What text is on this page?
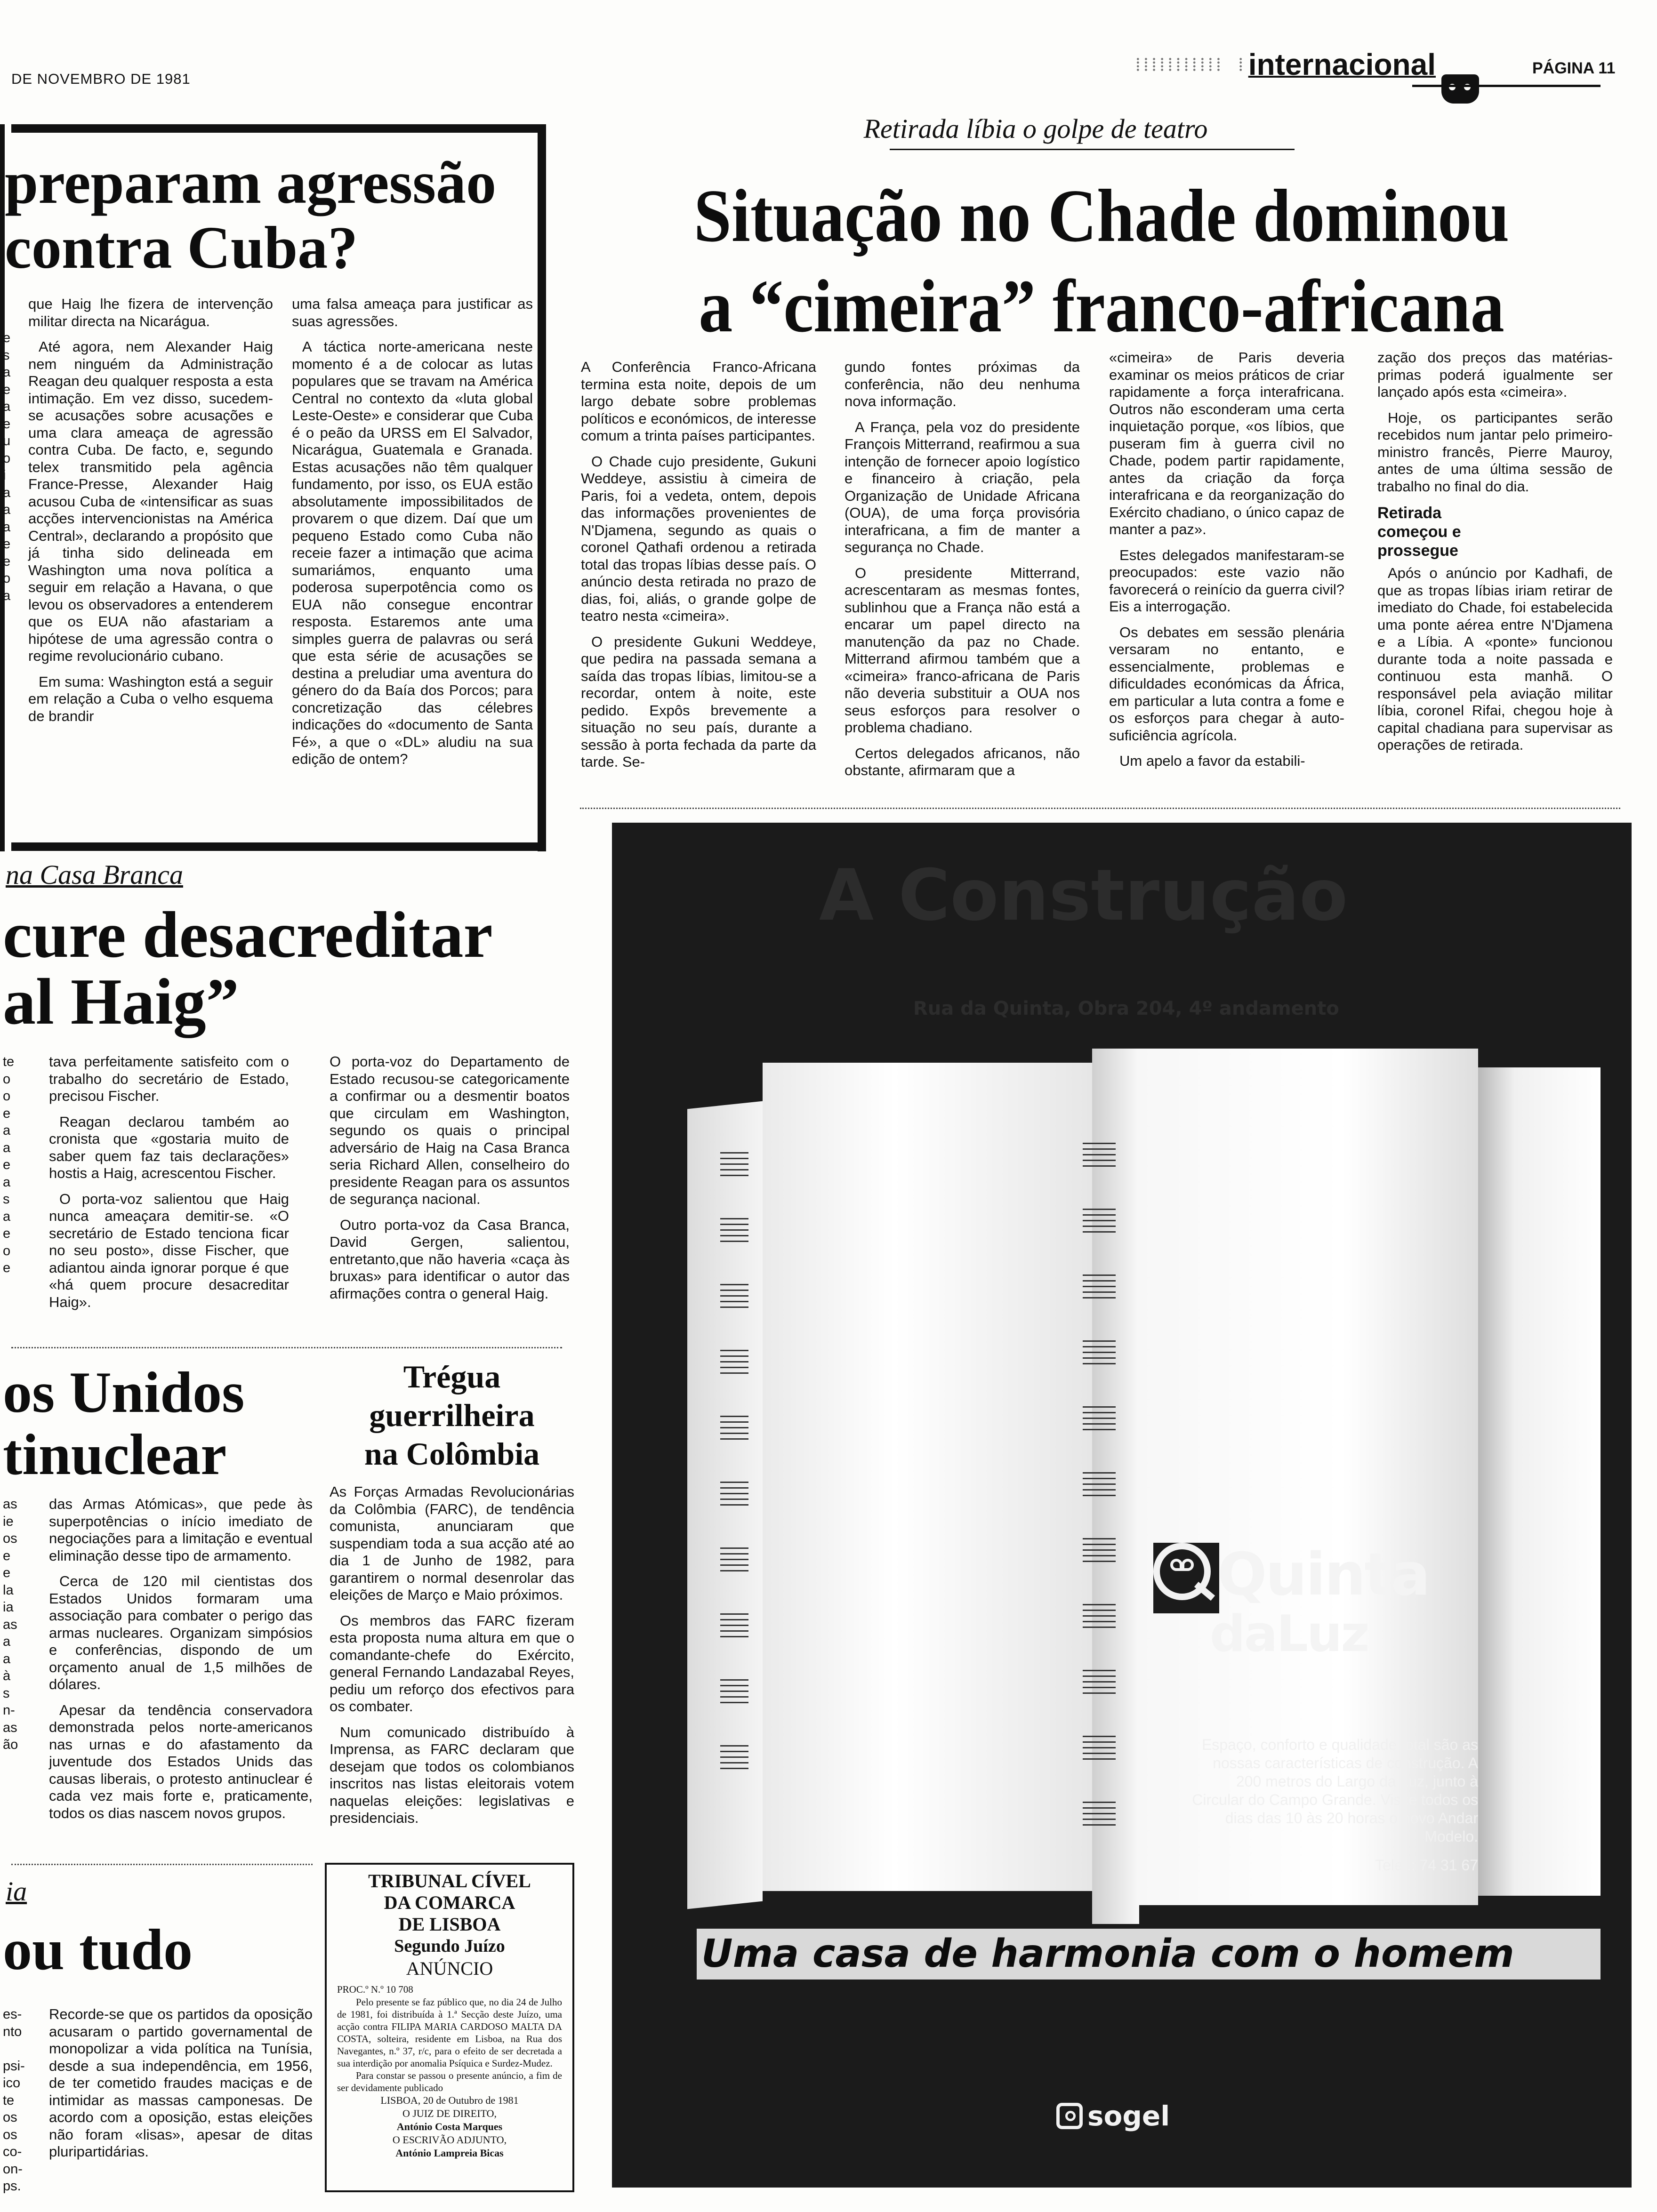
DE NOVEMBRO DE 1981
⁞⁞⁞⁞⁞⁞⁞⁞⁞⁞⁞ ⁞ internacional	PÁGINA 11
preparam agressão
contra Cuba?

que Haig lhe fizera de intervenção militar directa na Nicarágua.

Até agora, nem Alexander Haig nem ninguém da Administração Reagan deu qualquer resposta a esta intimação. Em vez disso, sucedem-se acusações sobre acusações e uma clara ameaça de agressão contra Cuba. De facto, e, segundo telex transmitido pela agência France-Presse, Alexander Haig acusou Cuba de «intensificar as suas acções intervencionistas na América Central», declarando a propósito que já tinha sido delineada em Washington uma nova política a seguir em relação a Havana, o que levou os observadores a entenderem que os EUA não afastariam a hipótese de uma agressão contra o regime revolucionário cubano.

Em suma: Washington está a seguir em relação a Cuba o velho esquema de brandir

uma falsa ameaça para justificar as suas agressões.

A táctica norte-americana neste momento é a de colocar as lutas populares que se travam na América Central no contexto da «luta global Leste-Oeste» e considerar que Cuba é o peão da URSS em El Salvador, Nicarágua, Guatemala e Granada. Estas acusações não têm qualquer fundamento, por isso, os EUA estão absolutamente impossibilitados de provarem o que dizem. Daí que um pequeno Estado como Cuba não receie fazer a intimação que acima sumariámos, enquanto uma poderosa superpotência como os EUA não consegue encontrar resposta. Estaremos ante uma simples guerra de palavras ou será que esta série de acusações se destina a preludiar uma aventura do género do da Baía dos Porcos; para concretização das célebres indicações do «documento de Santa Fé», a que o «DL» aludiu na sua edição de ontem?

na Casa Branca
cure desacreditar
al Haig”

tava perfeitamente satisfeito com o trabalho do secretário de Estado, precisou Fischer.

Reagan declarou também ao cronista que «gostaria muito de saber quem faz tais declarações» hostis a Haig, acrescentou Fischer.

O porta-voz salientou que Haig nunca ameaçara demitir-se. «O secretário de Estado tenciona ficar no seu posto», disse Fischer, que adiantou ainda ignorar porque é que «há quem procure desacreditar Haig».

O porta-voz do Departamento de Estado recusou-se categoricamente a confirmar ou a desmentir boatos que circulam em Washington, segundo os quais o principal adversário de Haig na Casa Branca seria Richard Allen, conselheiro do presidente Reagan para os assuntos de segurança nacional.

Outro porta-voz da Casa Branca, David Gergen, salientou, entretanto,que não haveria «caça às bruxas» para identificar o autor das afirmações contra o general Haig.

os Unidos
tinuclear

das Armas Atómicas», que pede às superpotências o início imediato de negociações para a limitação e eventual eliminação desse tipo de armamento.

Cerca de 120 mil cientistas dos Estados Unidos formaram uma associação para combater o perigo das armas nucleares. Organizam simpósios e conferências, dispondo de um orçamento anual de 1,5 milhões de dólares.

Apesar da tendência conservadora demonstrada pelos norte-americanos nas urnas e do afastamento da juventude dos Estados Unids das causas liberais, o protesto antinuclear é cada vez mais forte e, praticamente, todos os dias nascem novos grupos.

ia
ou tudo

Recorde-se que os partidos da oposição acusaram o partido governamental de monopolizar a vida política na Tunísia, desde a sua independência, em 1956, de ter cometido fraudes maciças e de intimidar as massas camponesas. De acordo com a oposição, estas eleições não foram «lisas», apesar de ditas pluripartidárias.

e
s
a
e
a
e
u
o
i
a
a
a
e
e
o
a
te
o
o
e
a
a
e
a
s
a
e
o
e
as
ie
os
e
e
la
ia
as
a
a
à
s
n-
as
ão
es-
nto
psi-
ico
te
os
os
co-
on-
ps.
Trégua
guerrilheira
na Colômbia

As Forças Armadas Revolucionárias da Colômbia (FARC), de tendência comunista, anunciaram que suspendiam toda a sua acção até ao dia 1 de Junho de 1982, para garantirem o normal desenrolar das eleições de Março e Maio próximos.

Os membros das FARC fizeram esta proposta numa altura em que o comandante-chefe do Exército, general Fernando Landazabal Reyes, pediu um reforço dos efectivos para os combater.

Num comunicado distribuído à Imprensa, as FARC declaram que desejam que todos os colombianos inscritos nas listas eleitorais votem naquelas eleições: legislativas e presidenciais.

TRIBUNAL CÍVEL
DA COMARCA
DE LISBOA
Segundo Juízo
ANÚNCIO
PROC.º N.º 10 708
Pelo presente se faz público que, no dia 24 de Julho de 1981, foi distribuída à 1.ª Secção deste Juízo, uma acção contra FILIPA MARIA CARDOSO MALTA DA COSTA, solteira, residente em Lisboa, na Rua dos Navegantes, n.º 37, r/c, para o efeito de ser decretada a sua interdição por anomalia Psíquica e Surdez-Mudez.
Para constar se passou o presente anúncio, a fim de ser devidamente publicado
LISBOA, 20 de Outubro de 1981
O JUIZ DE DIREITO,
António Costa Marques
O ESCRIVÃO ADJUNTO,
António Lampreia Bicas
Retirada líbia o golpe de teatro
Situação no Chade dominou
a “cimeira” franco-africana

A Conferência Franco-Africana termina esta noite, depois de um largo debate sobre problemas políticos e económicos, de interesse comum a trinta países participantes.

O Chade cujo presidente, Gukuni Weddeye, assistiu à cimeira de Paris, foi a vedeta, ontem, depois das informações provenientes de N'Djamena, segundo as quais o coronel Qathafi ordenou a retirada total das tropas líbias desse país. O anúncio desta retirada no prazo de dias, foi, aliás, o grande golpe de teatro nesta «cimeira».

O presidente Gukuni Weddeye, que pedira na passada semana a saída das tropas líbias, limitou-se a recordar, ontem à noite, este pedido. Expôs brevemente a situação no seu país, durante a sessão à porta fechada da parte da tarde. Se-

gundo fontes próximas da conferência, não deu nenhuma nova informação.

A França, pela voz do presidente François Mitterrand, reafirmou a sua intenção de fornecer apoio logístico e financeiro à criação, pela Organização de Unidade Africana (OUA), de uma força provisória interafricana, a fim de manter a segurança no Chade.

O presidente Mitterrand, acrescentaram as mesmas fontes, sublinhou que a França não está a encarar um papel directo na manutenção da paz no Chade. Mitterrand afirmou também que a «cimeira» franco-africana de Paris não deveria substituir a OUA nos seus esforços para resolver o problema chadiano.

Certos delegados africanos, não obstante, afirmaram que a

«cimeira» de Paris deveria examinar os meios práticos de criar rapidamente a força interafricana. Outros não esconderam uma certa inquietação porque, «os líbios, que puseram fim à guerra civil no Chade, podem partir rapidamente, antes da criação da força interafricana e da reorganização do Exército chadiano, o único capaz de manter a paz».

Estes delegados manifestaram-se preocupados: este vazio não favorecerá o reinício da guerra civil? Eis a interrogação.

Os debates em sessão plenária versaram no entanto, e essencialmente, problemas e dificuldades económicas da África, em particular a luta contra a fome e os esforços para chegar à auto-suficiência agrícola.

Um apelo a favor da estabili-

zação dos preços das matérias-primas poderá igualmente ser lançado após esta «cimeira».

Hoje, os participantes serão recebidos num jantar pelo primeiro-ministro francês, Pierre Mauroy, antes de uma última sessão de trabalho no final do dia.

Retirada começou e prossegue

Após o anúncio por Kadhafi, de que as tropas líbias iriam retirar de imediato do Chade, foi estabelecida uma ponte aérea entre N'Djamena e a Líbia. A «ponte» funcionou durante toda a noite passada e continuou esta manhã. O responsável pela aviação militar líbia, coronel Rifai, chegou hoje à capital chadiana para supervisar as operações de retirada.

A Construção
Rua da Quinta, Obra 204, 4º andamento
Quinta
daLuz
Espaço, conforto e qualidade total são as nossas características de construção. A 200 metros do Largo da Luz, junto à Circular do Campo Grande. Visite todos os dias das 10 às 20 horas o novo Andar Modelo.
Telef.: 74 31 67
Uma casa de harmonia com o homem
sogel
